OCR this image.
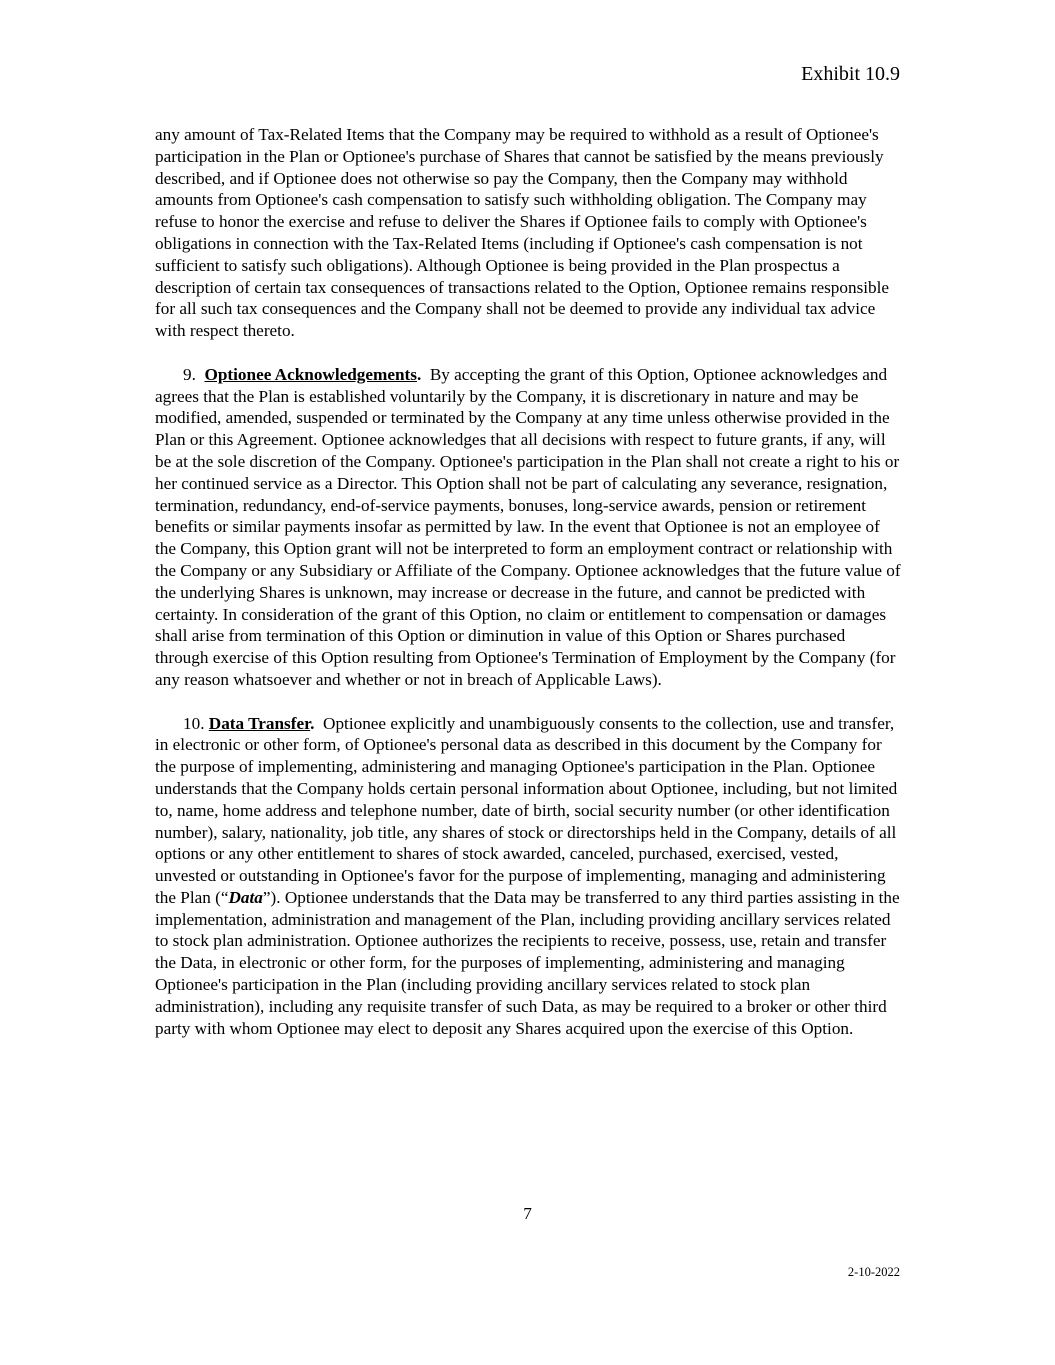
Exhibit 10.9

any amount of Tax-Related Items that the Company may be required to withhold as a result of Optionee's participation in the Plan or Optionee's purchase of Shares that cannot be satisfied by the means previously described, and if Optionee does not otherwise so pay the Company, then the Company may withhold amounts from Optionee's cash compensation to satisfy such withholding obligation. The Company may refuse to honor the exercise and refuse to deliver the Shares if Optionee fails to comply with Optionee's obligations in connection with the Tax-Related Items (including if Optionee's cash compensation is not sufficient to satisfy such obligations). Although Optionee is being provided in the Plan prospectus a description of certain tax consequences of transactions related to the Option, Optionee remains responsible for all such tax consequences and the Company shall not be deemed to provide any individual tax advice with respect thereto.

9. Optionee Acknowledgements. By accepting the grant of this Option, Optionee acknowledges and agrees that the Plan is established voluntarily by the Company, it is discretionary in nature and may be modified, amended, suspended or terminated by the Company at any time unless otherwise provided in the Plan or this Agreement. Optionee acknowledges that all decisions with respect to future grants, if any, will be at the sole discretion of the Company. Optionee's participation in the Plan shall not create a right to his or her continued service as a Director. This Option shall not be part of calculating any severance, resignation, termination, redundancy, end-of-service payments, bonuses, long-service awards, pension or retirement benefits or similar payments insofar as permitted by law. In the event that Optionee is not an employee of the Company, this Option grant will not be interpreted to form an employment contract or relationship with the Company or any Subsidiary or Affiliate of the Company. Optionee acknowledges that the future value of the underlying Shares is unknown, may increase or decrease in the future, and cannot be predicted with certainty. In consideration of the grant of this Option, no claim or entitlement to compensation or damages shall arise from termination of this Option or diminution in value of this Option or Shares purchased through exercise of this Option resulting from Optionee's Termination of Employment by the Company (for any reason whatsoever and whether or not in breach of Applicable Laws).

10. Data Transfer. Optionee explicitly and unambiguously consents to the collection, use and transfer, in electronic or other form, of Optionee's personal data as described in this document by the Company for the purpose of implementing, administering and managing Optionee's participation in the Plan. Optionee understands that the Company holds certain personal information about Optionee, including, but not limited to, name, home address and telephone number, date of birth, social security number (or other identification number), salary, nationality, job title, any shares of stock or directorships held in the Company, details of all options or any other entitlement to shares of stock awarded, canceled, purchased, exercised, vested, unvested or outstanding in Optionee's favor for the purpose of implementing, managing and administering the Plan (“Data”). Optionee understands that the Data may be transferred to any third parties assisting in the implementation, administration and management of the Plan, including providing ancillary services related to stock plan administration. Optionee authorizes the recipients to receive, possess, use, retain and transfer the Data, in electronic or other form, for the purposes of implementing, administering and managing Optionee's participation in the Plan (including providing ancillary services related to stock plan administration), including any requisite transfer of such Data, as may be required to a broker or other third party with whom Optionee may elect to deposit any Shares acquired upon the exercise of this Option.

7
2-10-2022
